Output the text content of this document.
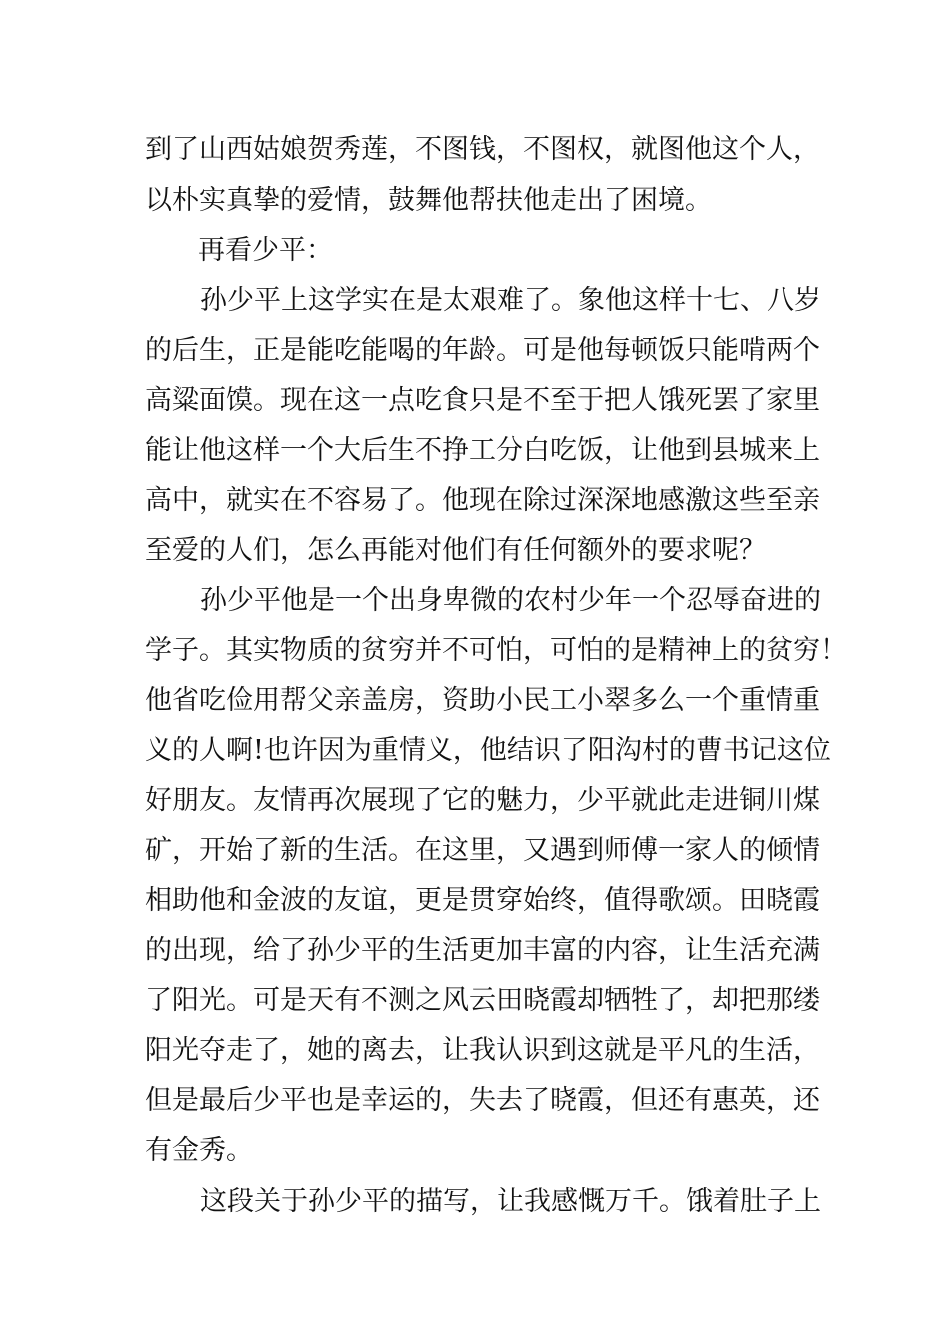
到了山西姑娘贺秀莲，不图钱，不图权，就图他这个人，
以朴实真挚的爱情，鼓舞他帮扶他走出了困境。
再看少平：
孙少平上这学实在是太艰难了。象他这样十七、八岁
的后生，正是能吃能喝的年龄。可是他每顿饭只能啃两个
高粱面馍。现在这一点吃食只是不至于把人饿死罢了家里
能让他这样一个大后生不挣工分白吃饭，让他到县城来上
高中，就实在不容易了。他现在除过深深地感激这些至亲
至爱的人们，怎么再能对他们有任何额外的要求呢？
孙少平他是一个出身卑微的农村少年一个忍辱奋进的
学子。其实物质的贫穷并不可怕，可怕的是精神上的贫穷！
他省吃俭用帮父亲盖房，资助小民工小翠多么一个重情重
义的人啊!也许因为重情义，他结识了阳沟村的曹书记这位
好朋友。友情再次展现了它的魅力，少平就此走进铜川煤
矿，开始了新的生活。在这里，又遇到师傅一家人的倾情
相助他和金波的友谊，更是贯穿始终，值得歌颂。田晓霞
的出现，给了孙少平的生活更加丰富的内容，让生活充满
了阳光。可是天有不测之风云田晓霞却牺牲了，却把那缕
阳光夺走了，她的离去，让我认识到这就是平凡的生活，
但是最后少平也是幸运的，失去了晓霞，但还有惠英，还
有金秀。
这段关于孙少平的描写，让我感慨万千。饿着肚子上
